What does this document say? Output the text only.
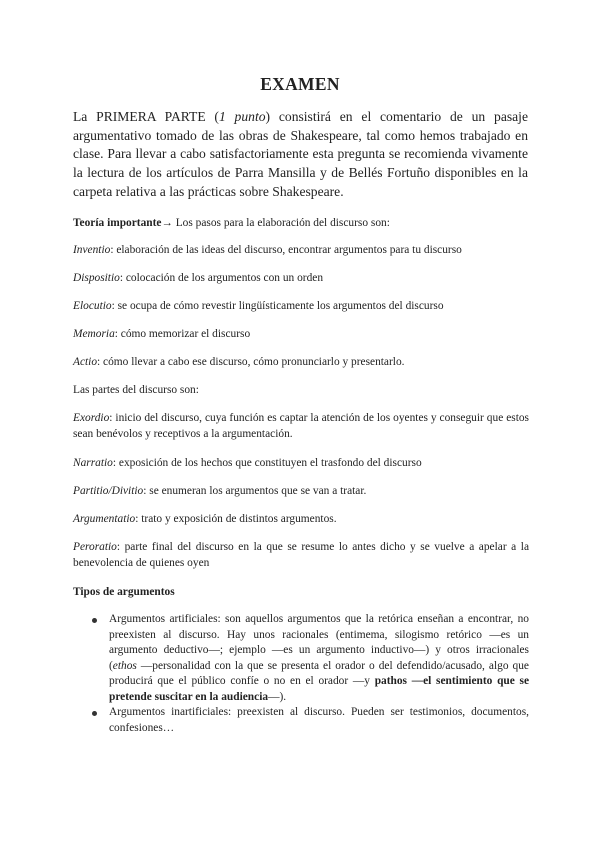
EXAMEN

La PRIMERA PARTE (1 punto) consistirá en el comentario de un pasaje argumentativo tomado de las obras de Shakespeare, tal como hemos trabajado en clase. Para llevar a cabo satisfactoriamente esta pregunta se recomienda vivamente la lectura de los artículos de Parra Mansilla y de Bellés Fortuño disponibles en la carpeta relativa a las prácticas sobre Shakespeare.

Teoría importante→ Los pasos para la elaboración del discurso son:

Inventio: elaboración de las ideas del discurso, encontrar argumentos para tu discurso

Dispositio: colocación de los argumentos con un orden

Elocutio: se ocupa de cómo revestir lingüísticamente los argumentos del discurso

Memoria: cómo memorizar el discurso

Actio: cómo llevar a cabo ese discurso, cómo pronunciarlo y presentarlo.

Las partes del discurso son:

Exordio: inicio del discurso, cuya función es captar la atención de los oyentes y conseguir que estos sean benévolos y receptivos a la argumentación.

Narratio: exposición de los hechos que constituyen el trasfondo del discurso

Partitio/Divitio: se enumeran los argumentos que se van a tratar.

Argumentatio: trato y exposición de distintos argumentos.

Peroratio: parte final del discurso en la que se resume lo antes dicho y se vuelve a apelar a la benevolencia de quienes oyen

Tipos de argumentos

Argumentos artificiales: son aquellos argumentos que la retórica enseñan a encontrar, no preexisten al discurso. Hay unos racionales (entimema, silogismo retórico —es un argumento deductivo—; ejemplo —es un argumento inductivo—) y otros irracionales (ethos —personalidad con la que se presenta el orador o del defendido/acusado, algo que producirá que el público confíe o no en el orador —y pathos —el sentimiento que se pretende suscitar en la audiencia—).
Argumentos inartificiales: preexisten al discurso. Pueden ser testimonios, documentos, confesiones…
